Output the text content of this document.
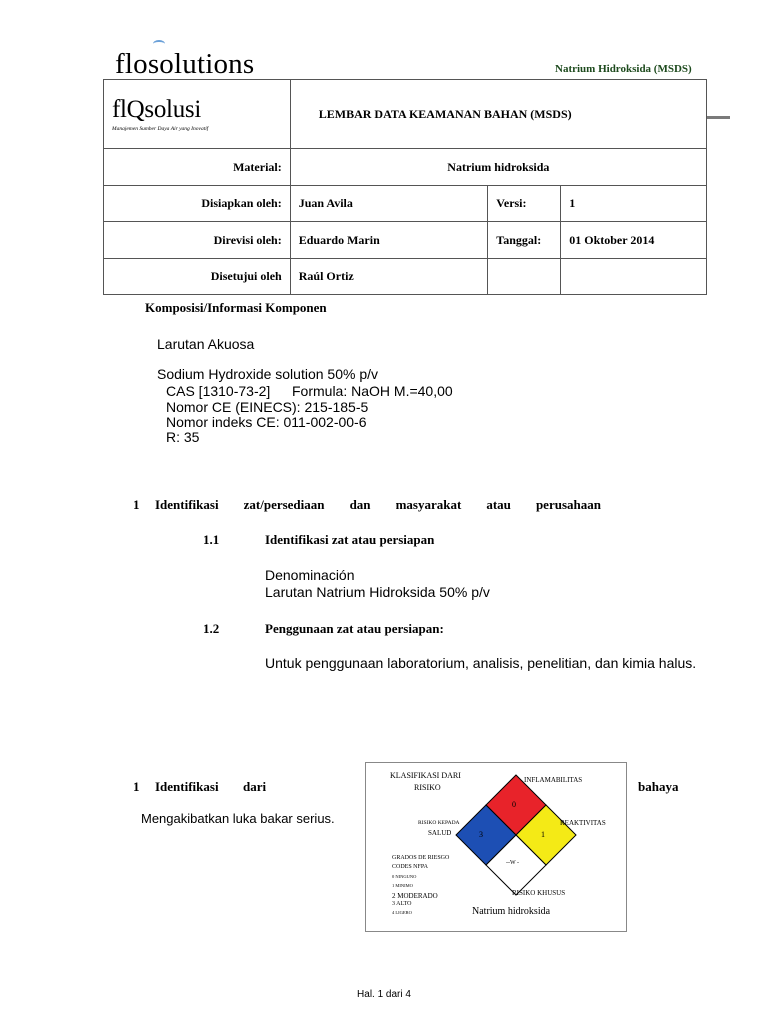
flosolutions	Natrium Hidroksida (MSDS)
flQsolusi
Manajemen Sumber Daya Air yang Inovatif	LEMBAR DATA KEAMANAN BAHAN (MSDS)		
Material:	Natrium hidroksida		
Disiapkan oleh:	Juan Avila	Versi:	1
Direvisi oleh:	Eduardo Marin	Tanggal:	01 Oktober 2014
Disetujui oleh	Raúl Ortiz		
Komposisi/Informasi Komponen
Larutan Akuosa
Sodium Hydroxide solution 50% p/v
CAS [1310-73-2] Formula: NaOH M.=40,00
Nomor CE (EINECS): 215-185-5
Nomor indeks CE: 011-002-00-6
R: 35
1 Identifikasi zat/persediaan dan masyarakat atau perusahaan
1.1	Identifikasi zat atau persiapan
Denominación
Larutan Natrium Hidroksida 50% p/v
1.2	Penggunaan zat atau persiapan:
Untuk penggunaan laboratorium, analisis, penelitian, dan kimia halus.
1 Identifikasi dari	bahaya
Mengakibatkan luka bakar serius.
0
3	1
--W -
KLASIFIKASI DARI
RISIKO
INFLAMABILITAS
RISIKO KEPADA
SALUD
REAKTIVITAS
GRADOS DE RIESGO
CODES NFPA
0 NINGUNO
1 MINIMO
2 MODERADO
3 ALTO
4 LIGERO
RISIKO KHUSUS
Natrium hidroksida
Hal. 1 dari 4
